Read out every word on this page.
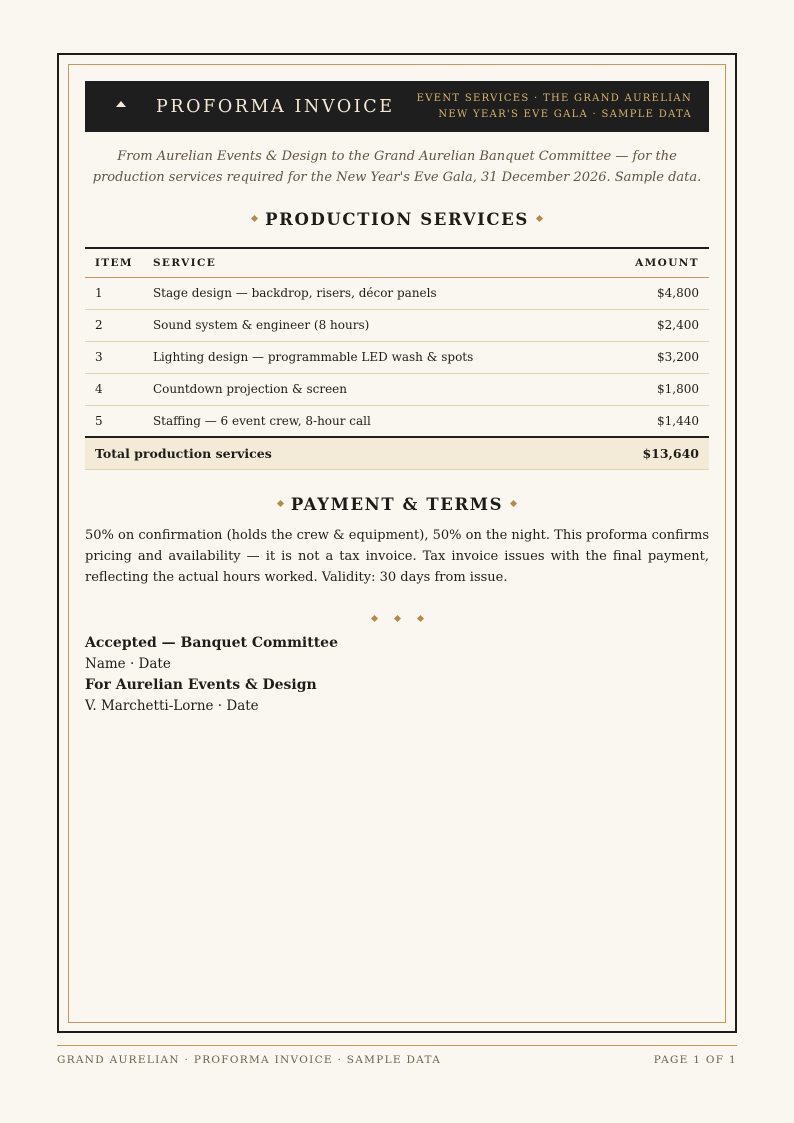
PROFORMA INVOICE EVENT SERVICES · THE GRAND AURELIAN
NEW YEAR'S EVE GALA · SAMPLE DATA

From Aurelian Events & Design to the Grand Aurelian Banquet Committee — for the production services required for the New Year's Eve Gala, 31 December 2026. Sample data.

PRODUCTION SERVICES
ITEM	SERVICE	AMOUNT
1	Stage design — backdrop, risers, décor panels	$4,800
2	Sound system & engineer (8 hours)	$2,400
3	Lighting design — programmable LED wash & spots	$3,200
4	Countdown projection & screen	$1,800
5	Staffing — 6 event crew, 8-hour call	$1,440
Total production services		$13,640
PAYMENT & TERMS

50% on confirmation (holds the crew & equipment), 50% on the night. This proforma confirms pricing and availability — it is not a tax invoice. Tax invoice issues with the final payment, reflecting the actual hours worked. Validity: 30 days from issue.

Accepted — Banquet Committee
Name · Date
For Aurelian Events & Design
V. Marchetti-Lorne · Date
GRAND AURELIAN · PROFORMA INVOICE · SAMPLE DATA	PAGE 1 OF 1
